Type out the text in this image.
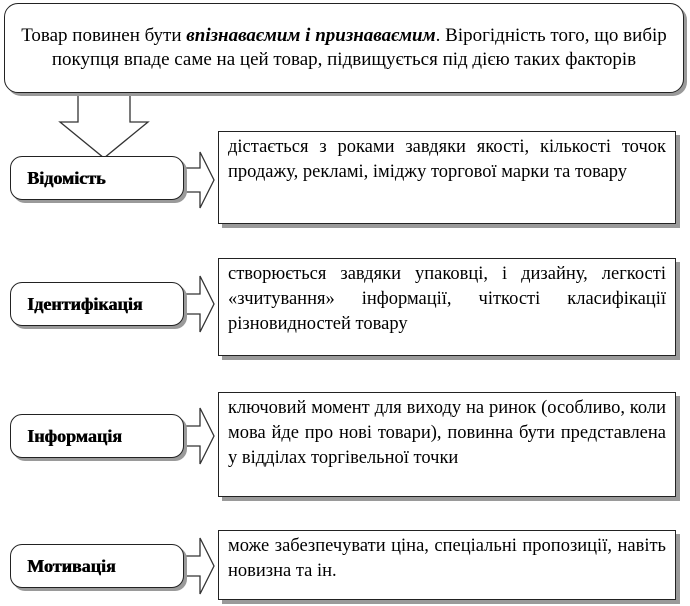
Товар повинен бути впізнаваємим і признаваємим. Вірогідність того, що вибір покупця впаде саме на цей товар, підвищується під дією таких факторів
Відомість
дістається з роками завдяки якості, кількості точок продажу, рекламі, іміджу торгової марки та товару
Ідентифікація
створюється завдяки упаковці, і дизайну, легкості «зчитування» інформації, чіткості класифікації різновидностей товару
Інформація
ключовий момент для виходу на ринок (особливо, коли мова йде про нові товари), повинна бути представлена у відділах торгівельної точки
Мотивація
може забезпечувати ціна, спеціальні пропозиції, навіть новизна та ін.
